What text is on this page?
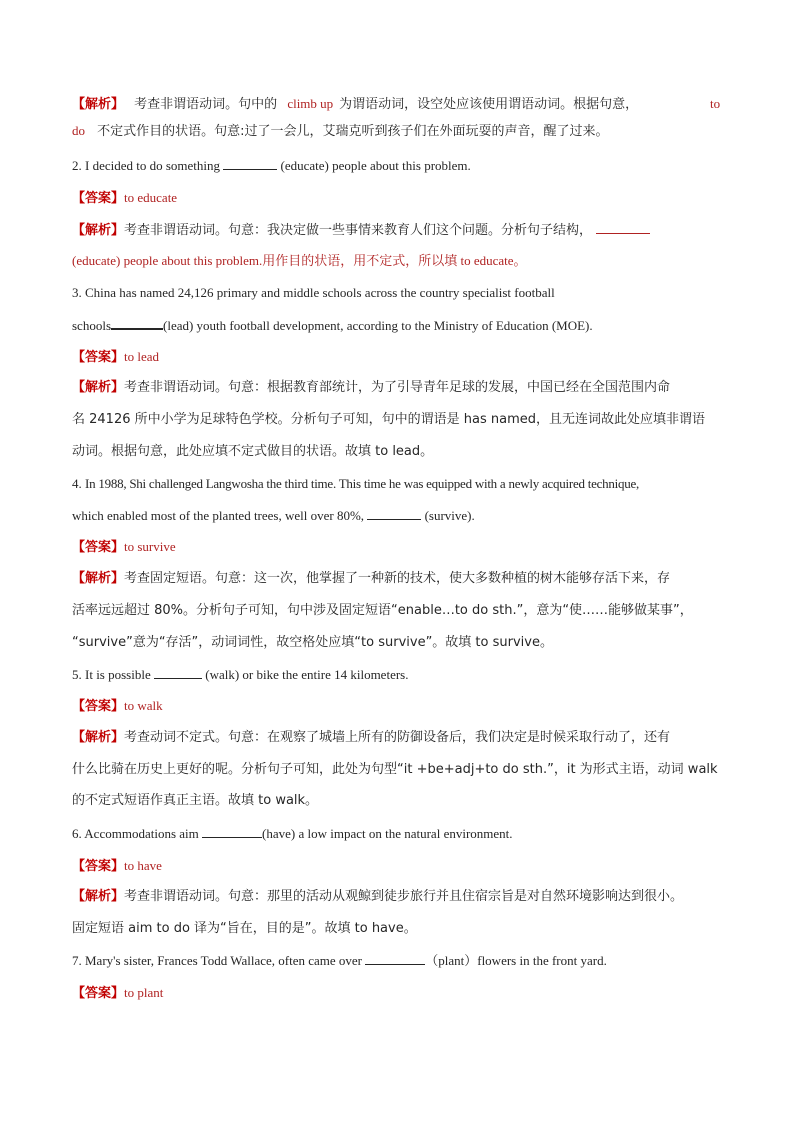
【解析】 考查非谓语动词。句中的 climb up 为谓语动词，设空处应该使用谓语动词。根据句意，	to
do 不定式作目的状语。句意:过了一会儿，艾瑞克听到孩子们在外面玩耍的声音，醒了过来。
2. I decided to do something	(educate) people about this problem.
【答案】to educate
【解析】考查非谓语动词。句意：我决定做一些事情来教育人们这个问题。分析句子结构，
(educate) people about this problem.用作目的状语，用不定式，所以填 to educate。
3. China has named 24,126 primary and middle schools across the country specialist football
schools	(lead) youth football development, according to the Ministry of Education (MOE).
【答案】to lead
【解析】考查非谓语动词。句意：根据教育部统计，为了引导青年足球的发展，中国已经在全国范围内命
名 24126 所中小学为足球特色学校。分析句子可知，句中的谓语是 has named，且无连词故此处应填非谓语
动词。根据句意，此处应填不定式做目的状语。故填 to lead。
4. In 1988, Shi challenged Langwosha the third time. This time he was equipped with a newly acquired technique,
which enabled most of the planted trees, well over 80%,	(survive).
【答案】to survive
【解析】考查固定短语。句意：这一次，他掌握了一种新的技术，使大多数种植的树木能够存活下来，存
活率远远超过 80%。分析句子可知，句中涉及固定短语“enable…to do sth.”，意为“使……能够做某事”，
“survive”意为“存活”，动词词性，故空格处应填“to survive”。故填 to survive。
5. It is possible	(walk) or bike the entire 14 kilometers.
【答案】to walk
【解析】考查动词不定式。句意：在观察了城墙上所有的防御设备后，我们决定是时候采取行动了，还有
什么比骑在历史上更好的呢。分析句子可知，此处为句型“it +be+adj+to do sth.”，it 为形式主语，动词 walk
的不定式短语作真正主语。故填 to walk。
6. Accommodations aim	(have) a low impact on the natural environment.
【答案】to have
【解析】考查非谓语动词。句意：那里的活动从观鲸到徒步旅行并且住宿宗旨是对自然环境影响达到很小。
固定短语 aim to do 译为“旨在，目的是”。故填 to have。
7. Mary's sister, Frances Todd Wallace, often came over	（plant）flowers in the front yard.
【答案】to plant
